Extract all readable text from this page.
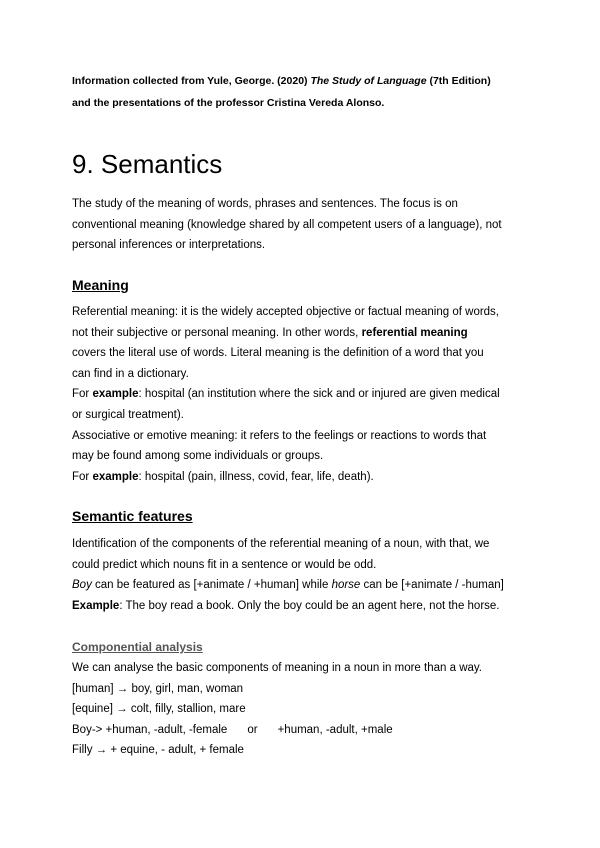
Information collected from Yule, George. (2020) The Study of Language (7th Edition)
and the presentations of the professor Cristina Vereda Alonso.
9. Semantics
The study of the meaning of words, phrases and sentences. The focus is on
conventional meaning (knowledge shared by all competent users of a language), not
personal inferences or interpretations.
Meaning
Referential meaning: it is the widely accepted objective or factual meaning of words,
not their subjective or personal meaning. In other words, referential meaning
covers the literal use of words. Literal meaning is the definition of a word that you
can find in a dictionary.
For example: hospital (an institution where the sick and or injured are given medical
or surgical treatment).
Associative or emotive meaning: it refers to the feelings or reactions to words that
may be found among some individuals or groups.
For example: hospital (pain, illness, covid, fear, life, death).
Semantic features
Identification of the components of the referential meaning of a noun, with that, we
could predict which nouns fit in a sentence or would be odd.
Boy can be featured as [+animate / +human] while horse can be [+animate / -human]
Example: The boy read a book. Only the boy could be an agent here, not the horse.
Componential analysis
We can analyse the basic components of meaning in a noun in more than a way.
[human] → boy, girl, man, woman
[equine] → colt, filly, stallion, mare
Boy-> +human, -adult, -female or +human, -adult, +male
Filly → + equine, - adult, + female
